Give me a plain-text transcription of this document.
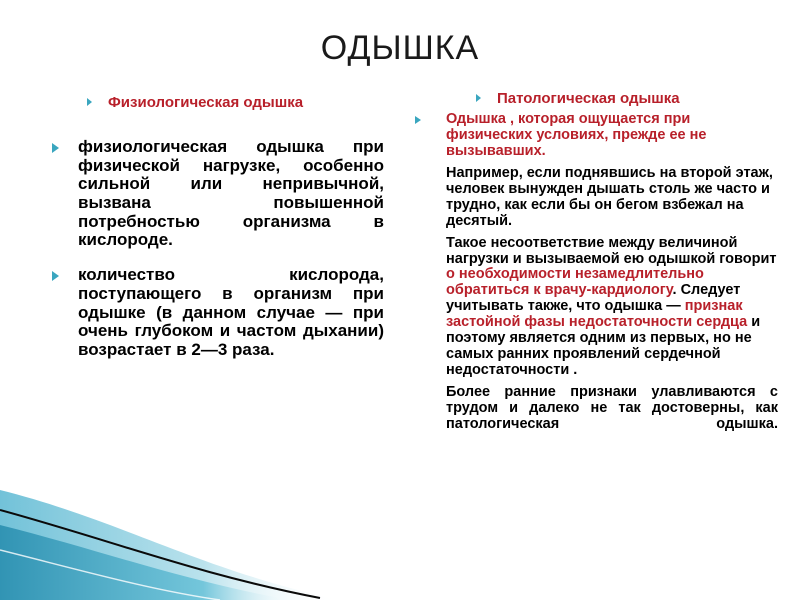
ОДЫШКА
Физиологическая одышка	Патологическая одышка
физиологическая одышка при физической нагрузке, особенно сильной или непривычной, вызвана повышенной потребностью организма в кислороде.
количество кислорода, поступающего в организм при одышке (в данном случае — при очень глубоком и частом дыхании) возрастает в 2—3 раза.
Одышка , которая ощущается при физических условиях, прежде ее не вызывавших.
Например, если поднявшись на второй этаж, человек вынужден дышать столь же часто и трудно, как если бы он бегом взбежал на десятый.
Такое несоответствие между величиной нагрузки и вызываемой ею одышкой говорит о необходимости незамедлительно обратиться к врачу-кардиологу. Следует учитывать также, что одышка — признак застойной фазы недостаточности сердца и поэтому является одним из первых, но не самых ранних проявлений сердечной недостаточности .
Более ранние признаки улавливаются с трудом и далеко не так достоверны, как патологическая одышка.
